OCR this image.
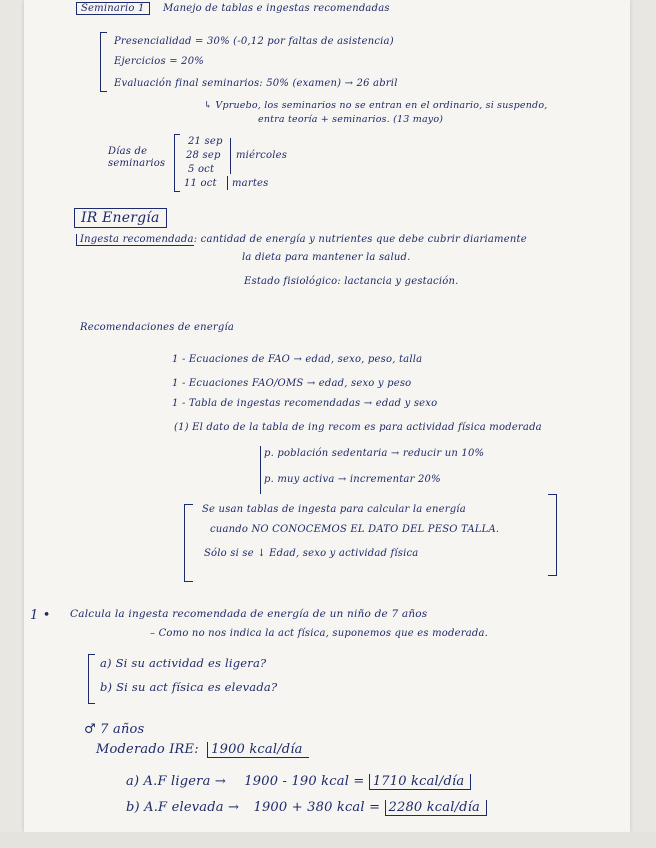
Seminario 1 Manejo de tablas e ingestas recomendadas
Presencialidad = 30% (-0,12 por faltas de asistencia)
Ejercicios = 20%
Evaluación final seminarios: 50% (examen) → 26 abril
↳ Vpruebo, los seminarios no se entran en el ordinario, si suspendo,
entra teoría + seminarios. (13 mayo)
Días de
seminarios
21 sep
28 sep
5 oct
11 oct
miércoles
martes
IR Energía
Ingesta recomendada: cantidad de energía y nutrientes que debe cubrir diariamente
la dieta para mantener la salud.
Estado fisiológico: lactancia y gestación.
Recomendaciones de energía
1 - Ecuaciones de FAO → edad, sexo, peso, talla
1 - Ecuaciones FAO/OMS → edad, sexo y peso
1 - Tabla de ingestas recomendadas → edad y sexo
(1) El dato de la tabla de ing recom es para actividad física moderada
p. población sedentaria → reducir un 10%
p. muy activa → incrementar 20%
Se usan tablas de ingesta para calcular la energía
cuando NO CONOCEMOS EL DATO DEL PESO TALLA.
Sólo si se ↓ Edad, sexo y actividad física
1 • Calcula la ingesta recomendada de energía de un niño de 7 años
– Como no nos indica la act física, suponemos que es moderada.
a) Si su actividad es ligera?
b) Si su act física es elevada?
♂ 7 años
Moderado IRE: 1900 kcal/día
a) A.F ligera → 1900 - 190 kcal = 1710 kcal/día
b) A.F elevada → 1900 + 380 kcal = 2280 kcal/día
